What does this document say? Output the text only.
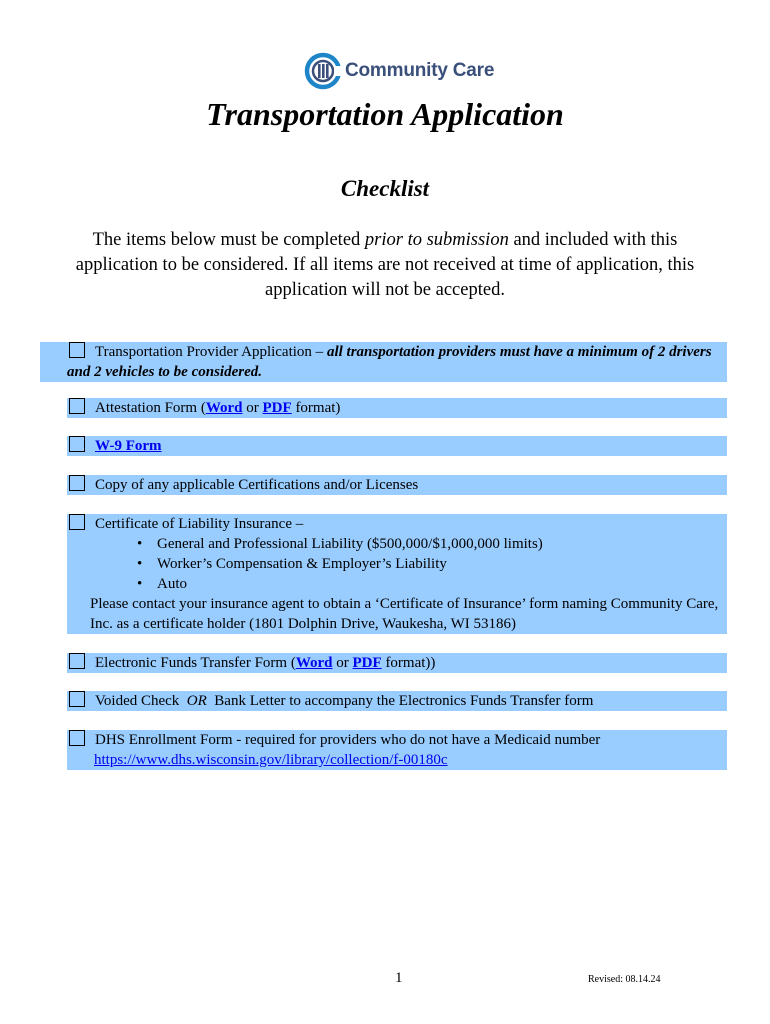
Community Care
Transportation Application
Checklist
The items below must be completed prior to submission and included with this application to be considered. If all items are not received at time of application, this application will not be accepted.
Transportation Provider Application – all transportation providers must have a minimum of 2 drivers and 2 vehicles to be considered.
Attestation Form (Word or PDF format)
W-9 Form
Copy of any applicable Certifications and/or Licenses
Certificate of Liability Insurance –
• General and Professional Liability ($500,000/$1,000,000 limits)
• Worker’s Compensation & Employer’s Liability
• Auto
Please contact your insurance agent to obtain a ‘Certificate of Insurance’ form naming Community Care, Inc. as a certificate holder (1801 Dolphin Drive, Waukesha, WI 53186)
Electronic Funds Transfer Form (Word or PDF format))
Voided Check  OR  Bank Letter to accompany the Electronics Funds Transfer form
DHS Enrollment Form - required for providers who do not have a Medicaid number
https://www.dhs.wisconsin.gov/library/collection/f-00180c
1	Revised: 08.14.24
